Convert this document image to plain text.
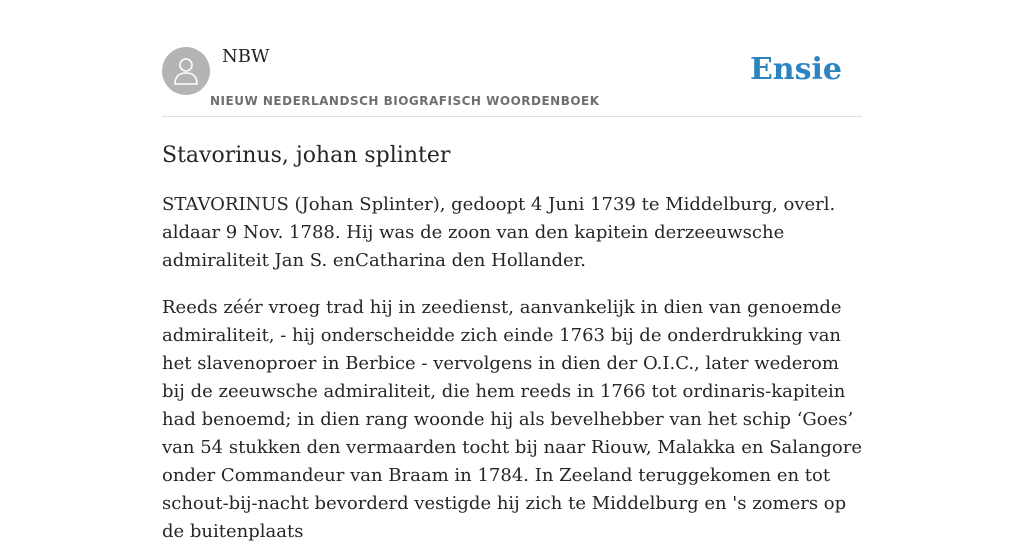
NBW
NIEUW NEDERLANDSCH BIOGRAFISCH WOORDENBOEK
Ensie
Stavorinus, johan splinter

STAVORINUS (Johan Splinter), gedoopt 4 Juni 1739 te Middelburg, overl. aldaar 9 Nov. 1788. Hij was de zoon van den kapitein derzeeuwsche admiraliteit Jan S. enCatharina den Hollander.

Reeds zéér vroeg trad hij in zeedienst, aanvankelijk in dien van genoemde admiraliteit, - hij onderscheidde zich einde 1763 bij de onderdrukking van het slavenoproer in Berbice - vervolgens in dien der O.I.C., later wederom bij de zeeuwsche admiraliteit, die hem reeds in 1766 tot ordinaris-kapitein had benoemd; in dien rang woonde hij als bevelhebber van het schip ‘Goes’ van 54 stukken den vermaarden tocht bij naar Riouw, Malakka en Salangore onder Commandeur van Braam in 1784. In Zeeland teruggekomen en tot schout-bij-nacht bevorderd vestigde hij zich te Middelburg en 's zomers op de buitenplaats
